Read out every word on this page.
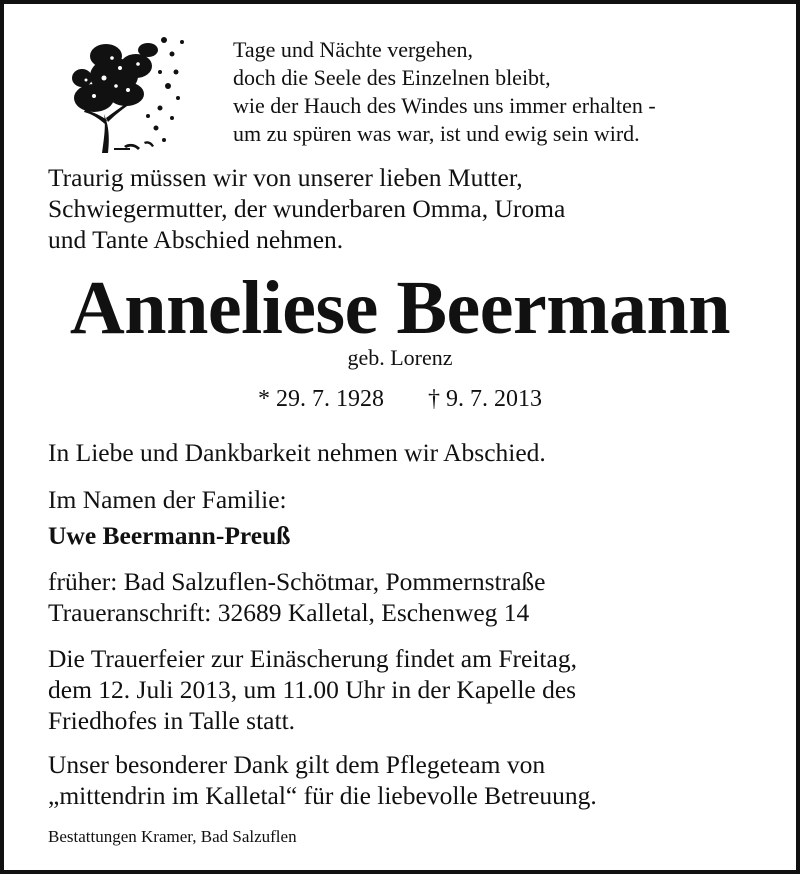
Tage und Nächte vergehen,
doch die Seele des Einzelnen bleibt,
wie der Hauch des Windes uns immer erhalten -
um zu spüren was war, ist und ewig sein wird.
Traurig müssen wir von unserer lieben Mutter,
Schwiegermutter, der wunderbaren Omma, Uroma
und Tante Abschied nehmen.
Anneliese Beermann
geb. Lorenz
* 29. 7. 1928 † 9. 7. 2013
In Liebe und Dankbarkeit nehmen wir Abschied.
Im Namen der Familie:
Uwe Beermann-Preuß
früher: Bad Salzuflen-Schötmar, Pommernstraße
Traueranschrift: 32689 Kalletal, Eschenweg 14
Die Trauerfeier zur Einäscherung findet am Freitag,
dem 12. Juli 2013, um 11.00 Uhr in der Kapelle des
Friedhofes in Talle statt.
Unser besonderer Dank gilt dem Pflegeteam von
„mittendrin im Kalletal“ für die liebevolle Betreuung.
Bestattungen Kramer, Bad Salzuflen
